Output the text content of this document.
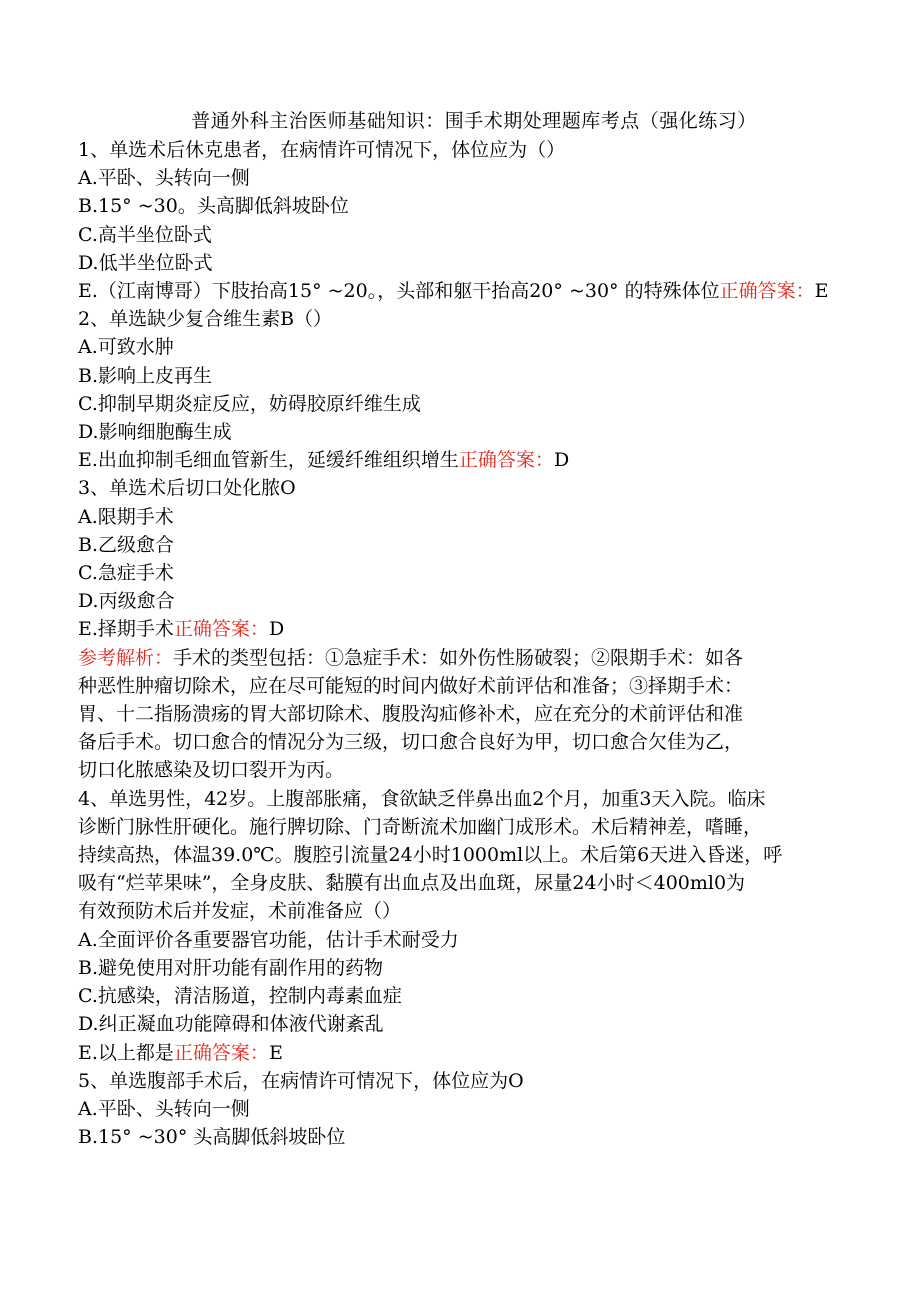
普通外科主治医师基础知识：围手术期处理题库考点（强化练习）

1、单选术后休克患者，在病情许可情况下，体位应为（）

A.平卧、头转向一侧

B.15° ~30。头高脚低斜坡卧位

C.高半坐位卧式

D.低半坐位卧式

E.（江南博哥）下肢抬高15° ~20。，头部和躯干抬高20° ~30° 的特殊体位正确答案：E

2、单选缺少复合维生素B（）

A.可致水肿

B.影响上皮再生

C.抑制早期炎症反应，妨碍胶原纤维生成

D.影响细胞酶生成

E.出血抑制毛细血管新生，延缓纤维组织增生正确答案：D

3、单选术后切口处化脓O

A.限期手术

B.乙级愈合

C.急症手术

D.丙级愈合

E.择期手术正确答案：D

参考解析：手术的类型包括：①急症手术：如外伤性肠破裂；②限期手术：如各

种恶性肿瘤切除术，应在尽可能短的时间内做好术前评估和准备；③择期手术：

胃、十二指肠溃疡的胃大部切除术、腹股沟疝修补术，应在充分的术前评估和准

备后手术。切口愈合的情况分为三级，切口愈合良好为甲，切口愈合欠佳为乙，

切口化脓感染及切口裂开为丙。

4、单选男性，42岁。上腹部胀痛，食欲缺乏伴鼻出血2个月，加重3天入院。临床

诊断门脉性肝硬化。施行脾切除、门奇断流术加幽门成形术。术后精神差，嗜睡，

持续高热，体温39.0℃。腹腔引流量24小时1000ml以上。术后第6天进入昏迷，呼

吸有“烂苹果味”，全身皮肤、黏膜有出血点及出血斑，尿量24小时＜400ml0为

有效预防术后并发症，术前准备应（）

A.全面评价各重要器官功能，估计手术耐受力

B.避免使用对肝功能有副作用的药物

C.抗感染，清洁肠道，控制内毒素血症

D.纠正凝血功能障碍和体液代谢紊乱

E.以上都是正确答案：E

5、单选腹部手术后，在病情许可情况下，体位应为O

A.平卧、头转向一侧

B.15° ~30° 头高脚低斜坡卧位
